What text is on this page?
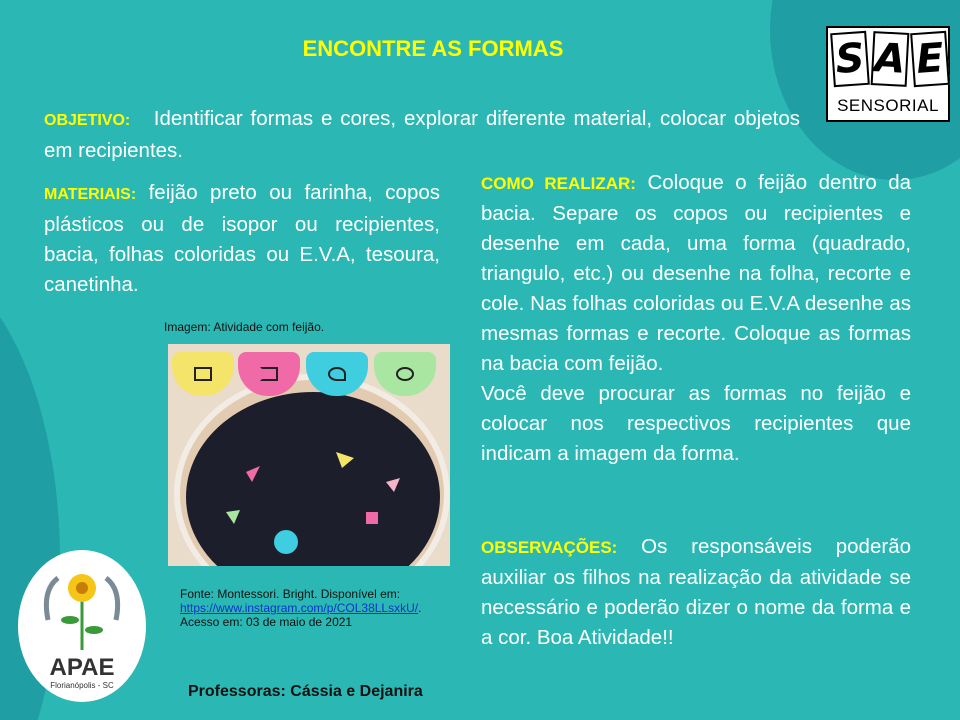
ENCONTRE AS FORMAS	S A E
SENSORIAL

OBJETIVO: Identificar formas e cores, explorar diferente material, colocar objetos em recipientes.

MATERIAIS: feijão preto ou farinha, copos plásticos ou de isopor ou recipientes, bacia, folhas coloridas ou E.V.A, tesoura, canetinha.

COMO REALIZAR: Coloque o feijão dentro da bacia. Separe os copos ou recipientes e desenhe em cada, uma forma (quadrado, triangulo, etc.) ou desenhe na folha, recorte e cole. Nas folhas coloridas ou E.V.A desenhe as mesmas formas e recorte. Coloque as formas na bacia com feijão.

Você deve procurar as formas no feijão e colocar nos respectivos recipientes que indicam a imagem da forma.

OBSERVAÇÕES: Os responsáveis poderão auxiliar os filhos na realização da atividade se necessário e poderão dizer o nome da forma e a cor. Boa Atividade!!

Imagem: Atividade com feijão.
Fonte: Montessori. Bright. Disponível em:
https://www.instagram.com/p/COL38LLsxkU/. Acesso em: 03 de maio de 2021
APAE
Florianópolis - SC	Professoras: Cássia e Dejanira
